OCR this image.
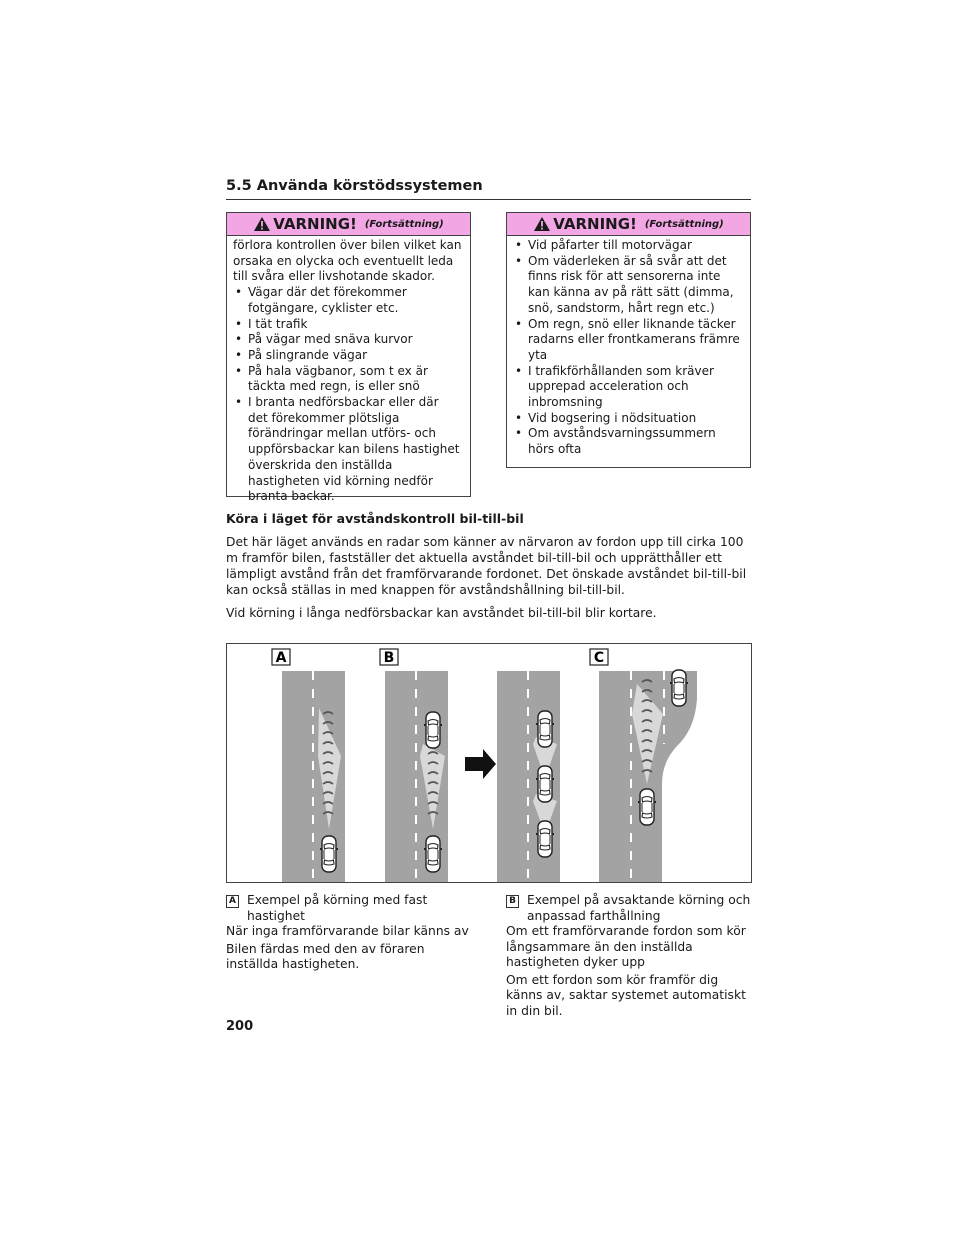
5.5 Använda körstödssystemen
VARNING! (Fortsättning)

förlora kontrollen över bilen vilket kan orsaka en olycka och eventuellt leda till svåra eller livshotande skador.

• Vägar där det förekommer fotgängare, cyklister etc.
• I tät trafik
• På vägar med snäva kurvor
• På slingrande vägar
• På hala vägbanor, som t ex är täckta med regn, is eller snö
• I branta nedförsbackar eller där det förekommer plötsliga förändringar mellan utförs- och uppförsbackar kan bilens hastighet överskrida den inställda hastigheten vid körning nedför branta backar.
VARNING! (Fortsättning)
• Vid påfarter till motorvägar
• Om väderleken är så svår att det finns risk för att sensorerna inte kan känna av på rätt sätt (dimma, snö, sandstorm, hårt regn etc.)
• Om regn, snö eller liknande täcker radarns eller frontkamerans främre yta
• I trafikförhållanden som kräver upprepad acceleration och inbromsning
• Vid bogsering i nödsituation
• Om avståndsvarningssummern hörs ofta
Köra i läget för avståndskontroll bil-till-bil

Det här läget används en radar som känner av närvaron av fordon upp till cirka 100 m framför bilen, fastställer det aktuella avståndet bil-till-bil och upprätthåller ett lämpligt avstånd från det framförvarande fordonet. Det önskade avståndet bil-till-bil kan också ställas in med knappen för avståndshållning bil-till-bil.

Vid körning i långa nedförsbackar kan avståndet bil-till-bil blir kortare.

A	B	C
A Exempel på körning med fast hastighet

När inga framförvarande bilar känns av

Bilen färdas med den av föraren inställda hastigheten.

B Exempel på avsaktande körning och anpassad farthållning

Om ett framförvarande fordon som kör långsammare än den inställda hastigheten dyker upp

Om ett fordon som kör framför dig känns av, saktar systemet automatiskt in din bil.

200
